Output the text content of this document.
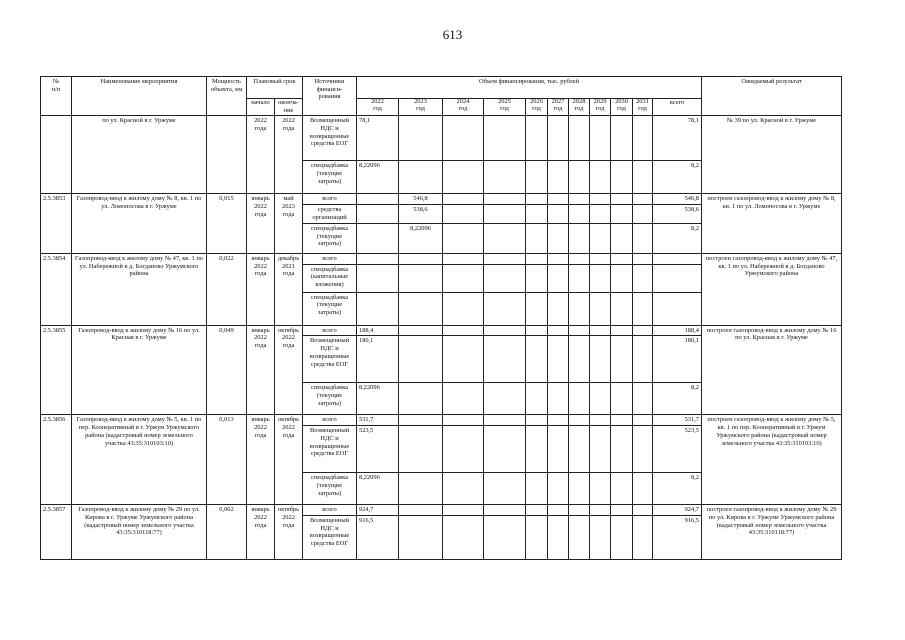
613
№
п/п	Наименование мероприятия	Мощность объекта, км	Плановый срок		Источники финанси-
рования	Объем финансирования, тыс. рублей											Ожидаемый результат
			начало	оконча-
ние		2022
год	2023
год	2024
год	2025
год	2026
год	2027
год	2028
год	2029
год	2030
год	2031
год	всего	
	по ул. Красной в г. Уржуме		2022
года	2022
года	Возмещенный НДС и возвращенные средства ЕОГ	78,1										78,1	№ 39 по ул. Красной в г. Уржуме
					спецнадбавка (текущие затраты)	8,22096										8,2	
2.5.3853	Газопровод-ввод к жилому дому № 8, кв. 1 по ул. Ломоносова в г. Уржуме	0,015	январь
2022
года	май
2023
года	всего		546,8									546,8	построен газопровод-ввод к жилому дому № 8, кв. 1 по ул. Ломоносова в г. Уржуме
					средства организаций		538,6									538,6	
					спецнадбавка (текущие затраты)		8,22096									8,2	
2.5.3854	Газопровод-ввод к жилому дому № 47, кв. 1 по ул. Набережной в д. Богданово Уржумского района	0,022	январь
2022
года	декабрь
2021
года	всего												построен газопровод-ввод к жилому дому № 47, кв. 1 по ул. Набережной в д. Богданово Уржумского района
					спецнадбавка (капитальные вложения)												
					спецнадбавка (текущие затраты)												
2.5.3855	Газопровод-ввод к жилому дому № 16 по ул. Красная в г. Уржуме	0,049	январь
2022
года	октябрь
2022
года	всего	188,4										188,4	построен газопровод-ввод к жилому дому № 16 по ул. Красная в г. Уржуме
					Возмещенный НДС и возвращенные средства ЕОГ	180,1										180,1	
					спецнадбавка (текущие затраты)	8,22096										8,2	
2.5.3856	Газопровод-ввод к жилому дому № 5, кв. 1 по пер. Кооперативный в г. Уржум Уржумского района (кадастровый номер земельного участка 43:35:310103:10)	0,013	январь
2022
года	октябрь
2022
года	всего	531,7										531,7	построен газопровод-ввод к жилому дому № 5, кв. 1 по пер. Кооперативный в г. Уржум Уржумского района (кадастровый номер земельного участка 43:35:310103:10)
					Возмещенный НДС и возвращенные средства ЕОГ	523,5										523,5	
					спецнадбавка (текущие затраты)	8,22096										8,2	
2.5.3857	Газопровод-ввод к жилому дому № 29 по ул. Кирова в г. Уржуме Уржумского района (кадастровый номер земельного участка 43:35:310118:77)	0,062	январь
2022
года	октябрь
2022
года	всего	924,7										924,7	построен газопровод-ввод к жилому дому № 29 по ул. Кирова в г. Уржуме Уржумского района (кадастровый номер земельного участка 43:35:310118:77)
					Возмещенный НДС и возвращенные средства ЕОГ	916,5										916,5	
